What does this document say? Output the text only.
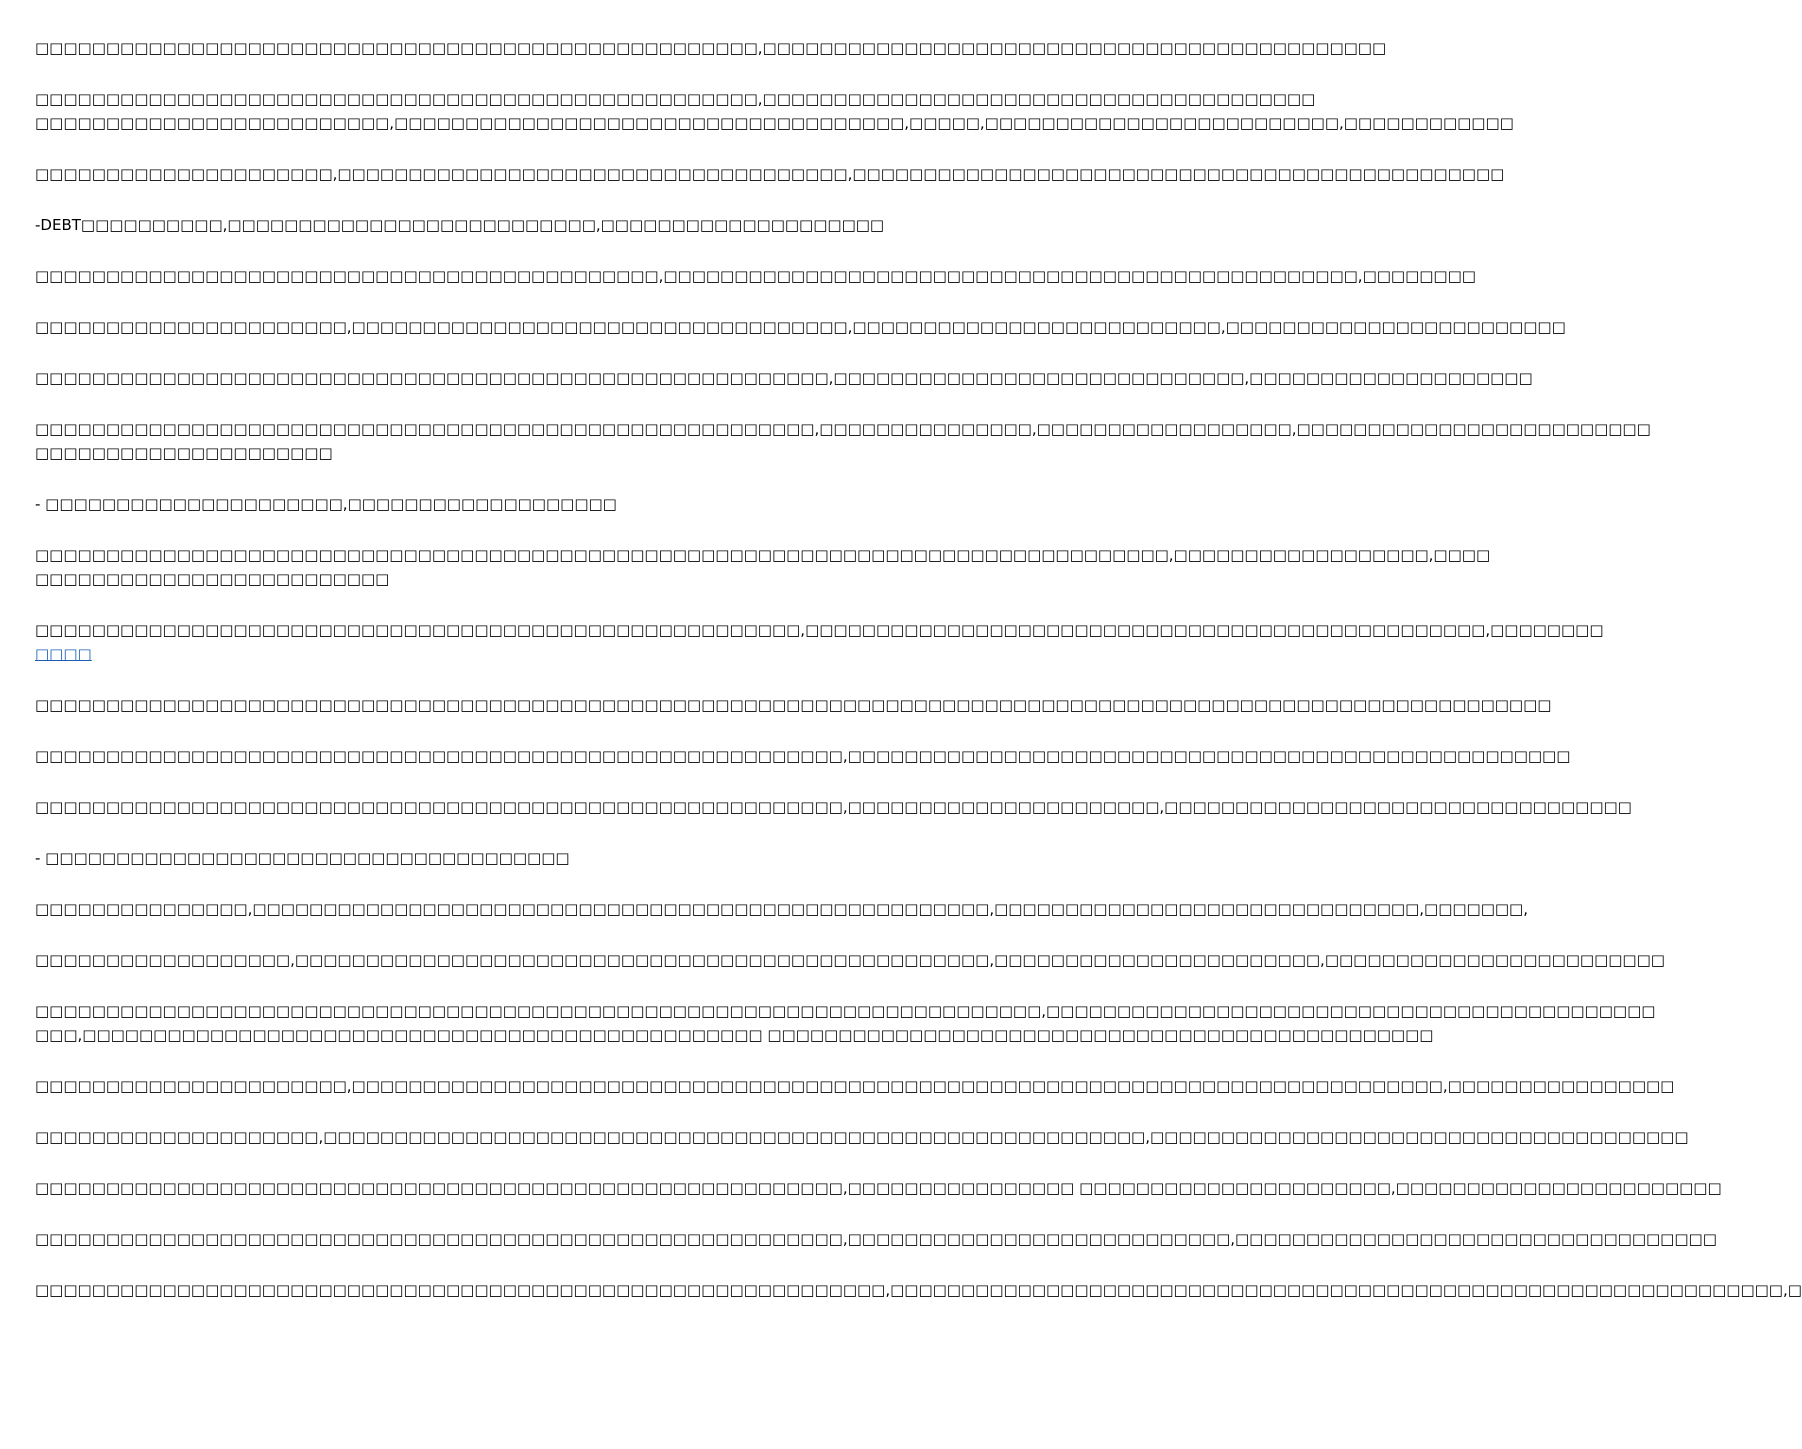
□□□□□□□□□□□□□□□□□□□□□□□□□□□□□□□□□□□□□□□□□□□□□□□□□□□,□□□□□□□□□□□□□□□□□□□□□□□□□□□□□□□□□□□□□□□□□□□□

□□□□□□□□□□□□□□□□□□□□□□□□□□□□□□□□□□□□□□□□□□□□□□□□□□□,□□□□□□□□□□□□□□□□□□□□□□□□□□□□□□□□□□□□□□□
□□□□□□□□□□□□□□□□□□□□□□□□□,□□□□□□□□□□□□□□□□□□□□□□□□□□□□□□□□□□□□,□□□□□,□□□□□□□□□□□□□□□□□□□□□□□□□,□□□□□□□□□□□□

□□□□□□□□□□□□□□□□□□□□□,□□□□□□□□□□□□□□□□□□□□□□□□□□□□□□□□□□□□,□□□□□□□□□□□□□□□□□□□□□□□□□□□□□□□□□□□□□□□□□□□□□□

-DEBT□□□□□□□□□□,□□□□□□□□□□□□□□□□□□□□□□□□□□,□□□□□□□□□□□□□□□□□□□□

□□□□□□□□□□□□□□□□□□□□□□□□□□□□□□□□□□□□□□□□□□□□,□□□□□□□□□□□□□□□□□□□□□□□□□□□□□□□□□□□□□□□□□□□□□□□□□,□□□□□□□□

□□□□□□□□□□□□□□□□□□□□□□,□□□□□□□□□□□□□□□□□□□□□□□□□□□□□□□□□□□,□□□□□□□□□□□□□□□□□□□□□□□□□□,□□□□□□□□□□□□□□□□□□□□□□□□

□□□□□□□□□□□□□□□□□□□□□□□□□□□□□□□□□□□□□□□□□□□□□□□□□□□□□□□□,□□□□□□□□□□□□□□□□□□□□□□□□□□□□□,□□□□□□□□□□□□□□□□□□□□

□□□□□□□□□□□□□□□□□□□□□□□□□□□□□□□□□□□□□□□□□□□□□□□□□□□□□□□,□□□□□□□□□□□□□□□,□□□□□□□□□□□□□□□□□□,□□□□□□□□□□□□□□□□□□□□□□□□□
□□□□□□□□□□□□□□□□□□□□□

- □□□□□□□□□□□□□□□□□□□□□,□□□□□□□□□□□□□□□□□□□

□□□□□□□□□□□□□□□□□□□□□□□□□□□□□□□□□□□□□□□□□□□□□□□□□□□□□□□□□□□□□□□□□□□□□□□□□□□□□□□□,□□□□□□□□□□□□□□□□□□,□□□□
□□□□□□□□□□□□□□□□□□□□□□□□□

□□□□□□□□□□□□□□□□□□□□□□□□□□□□□□□□□□□□□□□□□□□□□□□□□□□□□□,□□□□□□□□□□□□□□□□□□□□□□□□□□□□□□□□□□□□□□□□□□□□□□□□,□□□□□□□□
□□□□

□□□□□□□□□□□□□□□□□□□□□□□□□□□□□□□□□□□□□□□□□□□□□□□□□□□□□□□□□□□□□□□□□□□□□□□□□□□□□□□□□□□□□□□□□□□□□□□□□□□□□□□□□□□

□□□□□□□□□□□□□□□□□□□□□□□□□□□□□□□□□□□□□□□□□□□□□□□□□□□□□□□□□,□□□□□□□□□□□□□□□□□□□□□□□□□□□□□□□□□□□□□□□□□□□□□□□□□□□

□□□□□□□□□□□□□□□□□□□□□□□□□□□□□□□□□□□□□□□□□□□□□□□□□□□□□□□□□,□□□□□□□□□□□□□□□□□□□□□□,□□□□□□□□□□□□□□□□□□□□□□□□□□□□□□□□□

- □□□□□□□□□□□□□□□□□□□□□□□□□□□□□□□□□□□□□

□□□□□□□□□□□□□□□,□□□□□□□□□□□□□□□□□□□□□□□□□□□□□□□□□□□□□□□□□□□□□□□□□□□□,□□□□□□□□□□□□□□□□□□□□□□□□□□□□□□,□□□□□□□,

□□□□□□□□□□□□□□□□□□,□□□□□□□□□□□□□□□□□□□□□□□□□□□□□□□□□□□□□□□□□□□□□□□□□,□□□□□□□□□□□□□□□□□□□□□□□,□□□□□□□□□□□□□□□□□□□□□□□□

□□□□□□□□□□□□□□□□□□□□□□□□□□□□□□□□□□□□□□□□□□□□□□□□□□□□□□□□□□□□□□□□□□□□□□□,□□□□□□□□□□□□□□□□□□□□□□□□□□□□□□□□□□□□□□□□□□□
□□□,□□□□□□□□□□□□□□□□□□□□□□□□□□□□□□□□□□□□□□□□□□□□□□□□ □□□□□□□□□□□□□□□□□□□□□□□□□□□□□□□□□□□□□□□□□□□□□□□

□□□□□□□□□□□□□□□□□□□□□□,□□□□□□□□□□□□□□□□□□□□□□□□□□□□□□□□□□□□□□□□□□□□□□□□□□□□□□□□□□□□□□□□□□□□□□□□□□□□□,□□□□□□□□□□□□□□□□

□□□□□□□□□□□□□□□□□□□□,□□□□□□□□□□□□□□□□□□□□□□□□□□□□□□□□□□□□□□□□□□□□□□□□□□□□□□□□□□,□□□□□□□□□□□□□□□□□□□□□□□□□□□□□□□□□□□□□□

□□□□□□□□□□□□□□□□□□□□□□□□□□□□□□□□□□□□□□□□□□□□□□□□□□□□□□□□□,□□□□□□□□□□□□□□□□ □□□□□□□□□□□□□□□□□□□□□□,□□□□□□□□□□□□□□□□□□□□□□□

□□□□□□□□□□□□□□□□□□□□□□□□□□□□□□□□□□□□□□□□□□□□□□□□□□□□□□□□□,□□□□□□□□□□□□□□□□□□□□□□□□□□□,□□□□□□□□□□□□□□□□□□□□□□□□□□□□□□□□□□

□□□□□□□□□□□□□□□□□□□□□□□□□□□□□□□□□□□□□□□□□□□□□□□□□□□□□□□□□□□□,□□□□□□□□□□□□□□□□□□□□□□□□□□□□□□□□□□□□□□□□□□□□□□□□□□□□□□□□□□□□□□□,□
